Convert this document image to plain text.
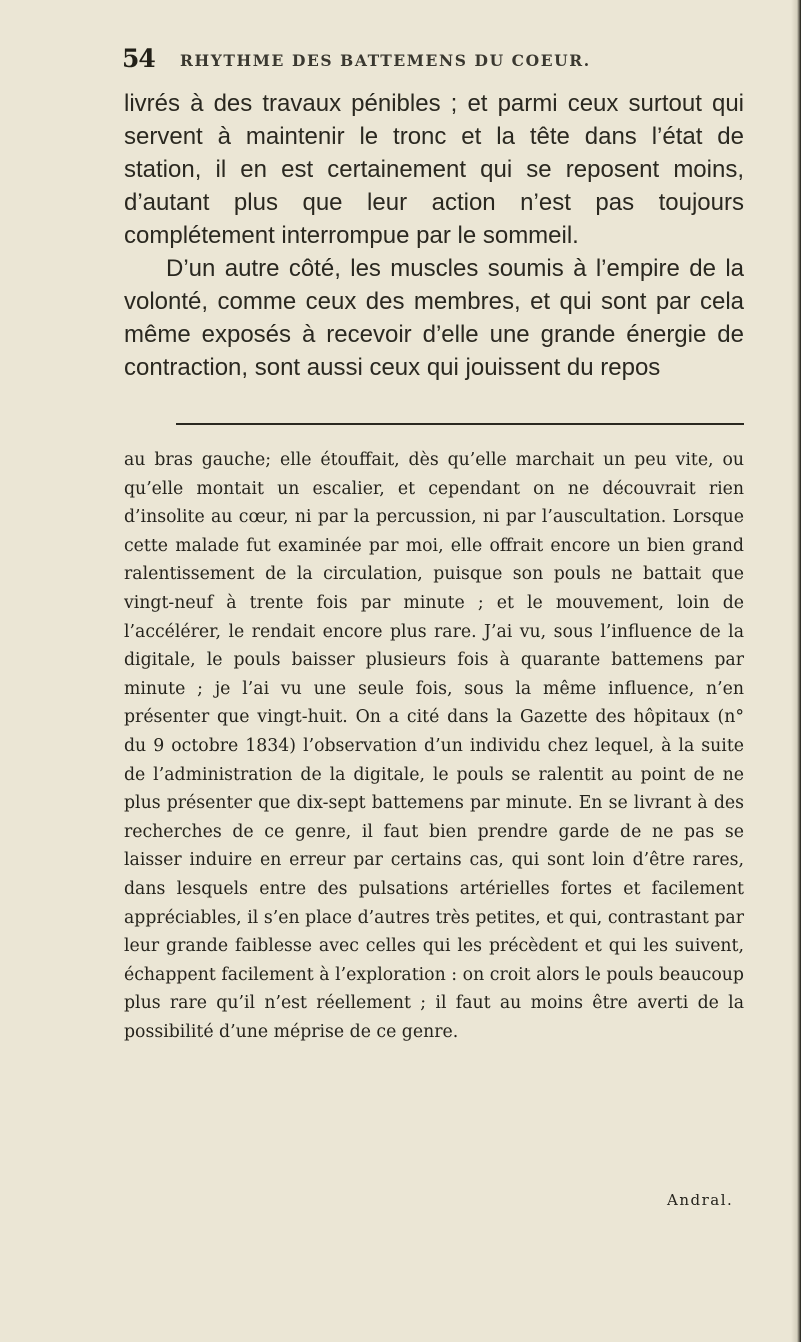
54 RHYTHME DES BATTEMENS DU COEUR.

livrés à des travaux pénibles ; et parmi ceux surtout qui servent à maintenir le tronc et la tête dans l’état de station, il en est certainement qui se reposent moins, d’autant plus que leur action n’est pas toujours complétement interrompue par le sommeil.

D’un autre côté, les muscles soumis à l’empire de la volonté, comme ceux des membres, et qui sont par cela même exposés à recevoir d’elle une grande énergie de contraction, sont aussi ceux qui jouissent du repos

au bras gauche; elle étouffait, dès qu’elle marchait un peu vite, ou qu’elle montait un escalier, et cependant on ne découvrait rien d’insolite au cœur, ni par la percussion, ni par l’auscultation. Lorsque cette malade fut examinée par moi, elle offrait encore un bien grand ralentissement de la circulation, puisque son pouls ne battait que vingt-neuf à trente fois par minute ; et le mouvement, loin de l’accélérer, le rendait encore plus rare. J’ai vu, sous l’influence de la digitale, le pouls baisser plusieurs fois à quarante battemens par minute ; je l’ai vu une seule fois, sous la même influence, n’en présenter que vingt-huit. On a cité dans la Gazette des hôpitaux (n° du 9 octobre 1834) l’observation d’un individu chez lequel, à la suite de l’administration de la digitale, le pouls se ralentit au point de ne plus présenter que dix-sept battemens par minute. En se livrant à des recherches de ce genre, il faut bien prendre garde de ne pas se laisser induire en erreur par certains cas, qui sont loin d’être rares, dans lesquels entre des pulsations artérielles fortes et facilement appréciables, il s’en place d’autres très petites, et qui, contrastant par leur grande faiblesse avec celles qui les précèdent et qui les suivent, échappent facilement à l’exploration : on croit alors le pouls beaucoup plus rare qu’il n’est réellement ; il faut au moins être averti de la possibilité d’une méprise de ce genre.

Andral.
